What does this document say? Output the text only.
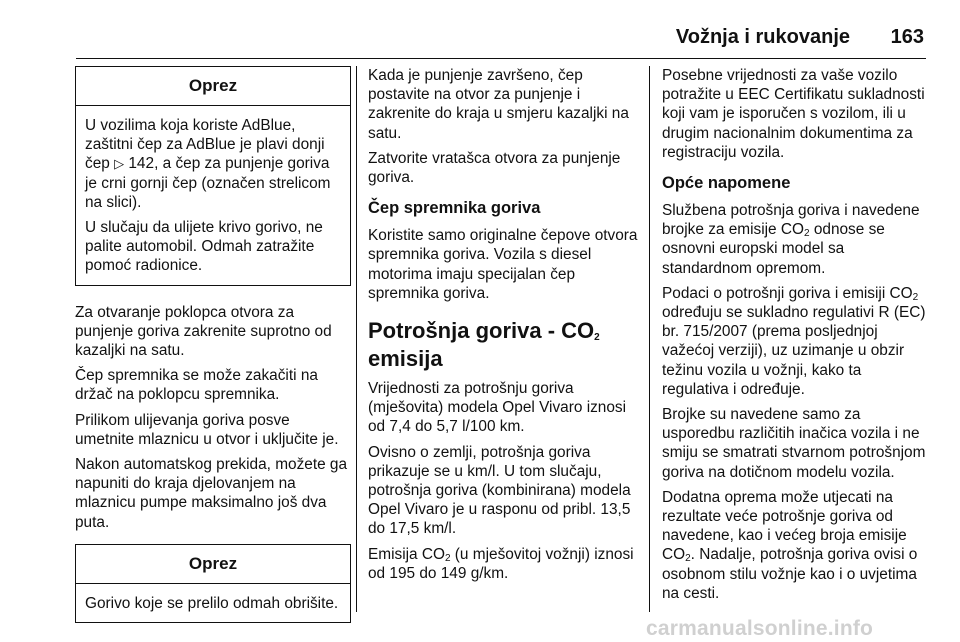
Vožnja i rukovanje 163
Oprez

U vozilima koja koriste AdBlue, zaštitni čep za AdBlue je plavi donji čep ▷ 142, a čep za punjenje goriva je crni gornji čep (označen strelicom na slici).

U slučaju da ulijete krivo gorivo, ne palite automobil. Odmah zatražite pomoć radionice.

Za otvaranje poklopca otvora za punjenje goriva zakrenite suprotno od kazaljki na satu.

Čep spremnika se može zakačiti na držač na poklopcu spremnika.

Prilikom ulijevanja goriva posve umetnite mlaznicu u otvor i uključite je.

Nakon automatskog prekida, možete ga napuniti do kraja djelovanjem na mlaznicu pumpe maksimalno još dva puta.

Oprez

Gorivo koje se prelilo odmah obrišite.

Kada je punjenje završeno, čep postavite na otvor za punjenje i zakrenite do kraja u smjeru kazaljki na satu.

Zatvorite vratašca otvora za punjenje goriva.

Čep spremnika goriva

Koristite samo originalne čepove otvora spremnika goriva. Vozila s diesel motorima imaju specijalan čep spremnika goriva.

Potrošnja goriva - $CO_2$
emisija

Vrijednosti za potrošnju goriva (mješovita) modela Opel Vivaro iznosi od 7,4 do 5,7 l/100 km.

Ovisno o zemlji, potrošnja goriva prikazuje se u km/l. U tom slučaju, potrošnja goriva (kombinirana) modela Opel Vivaro je u rasponu od pribl. 13,5 do 17,5 km/l.

Emisija $CO_2$ (u mješovitoj vožnji) iznosi od 195 do 149 g/km.

Posebne vrijednosti za vaše vozilo potražite u EEC Certifikatu sukladnosti koji vam je isporučen s vozilom, ili u drugim nacionalnim dokumentima za registraciju vozila.

Opće napomene

Službena potrošnja goriva i navedene brojke za emisije $CO_2$ odnose se osnovni europski model sa standardnom opremom.

Podaci o potrošnji goriva i emisiji $CO_2$ određuju se sukladno regulativi R (EC) br. 715/2007 (prema posljednjoj važećoj verziji), uz uzimanje u obzir težinu vozila u vožnji, kako ta regulativa i određuje.

Brojke su navedene samo za usporedbu različitih inačica vozila i ne smiju se smatrati stvarnom potrošnjom goriva na dotičnom modelu vozila.

Dodatna oprema može utjecati na rezultate veće potrošnje goriva od navedene, kao i većeg broja emisije $CO_2$. Nadalje, potrošnja goriva ovisi o osobnom stilu vožnje kao i o uvjetima na cesti.

carmanualsonline.info
